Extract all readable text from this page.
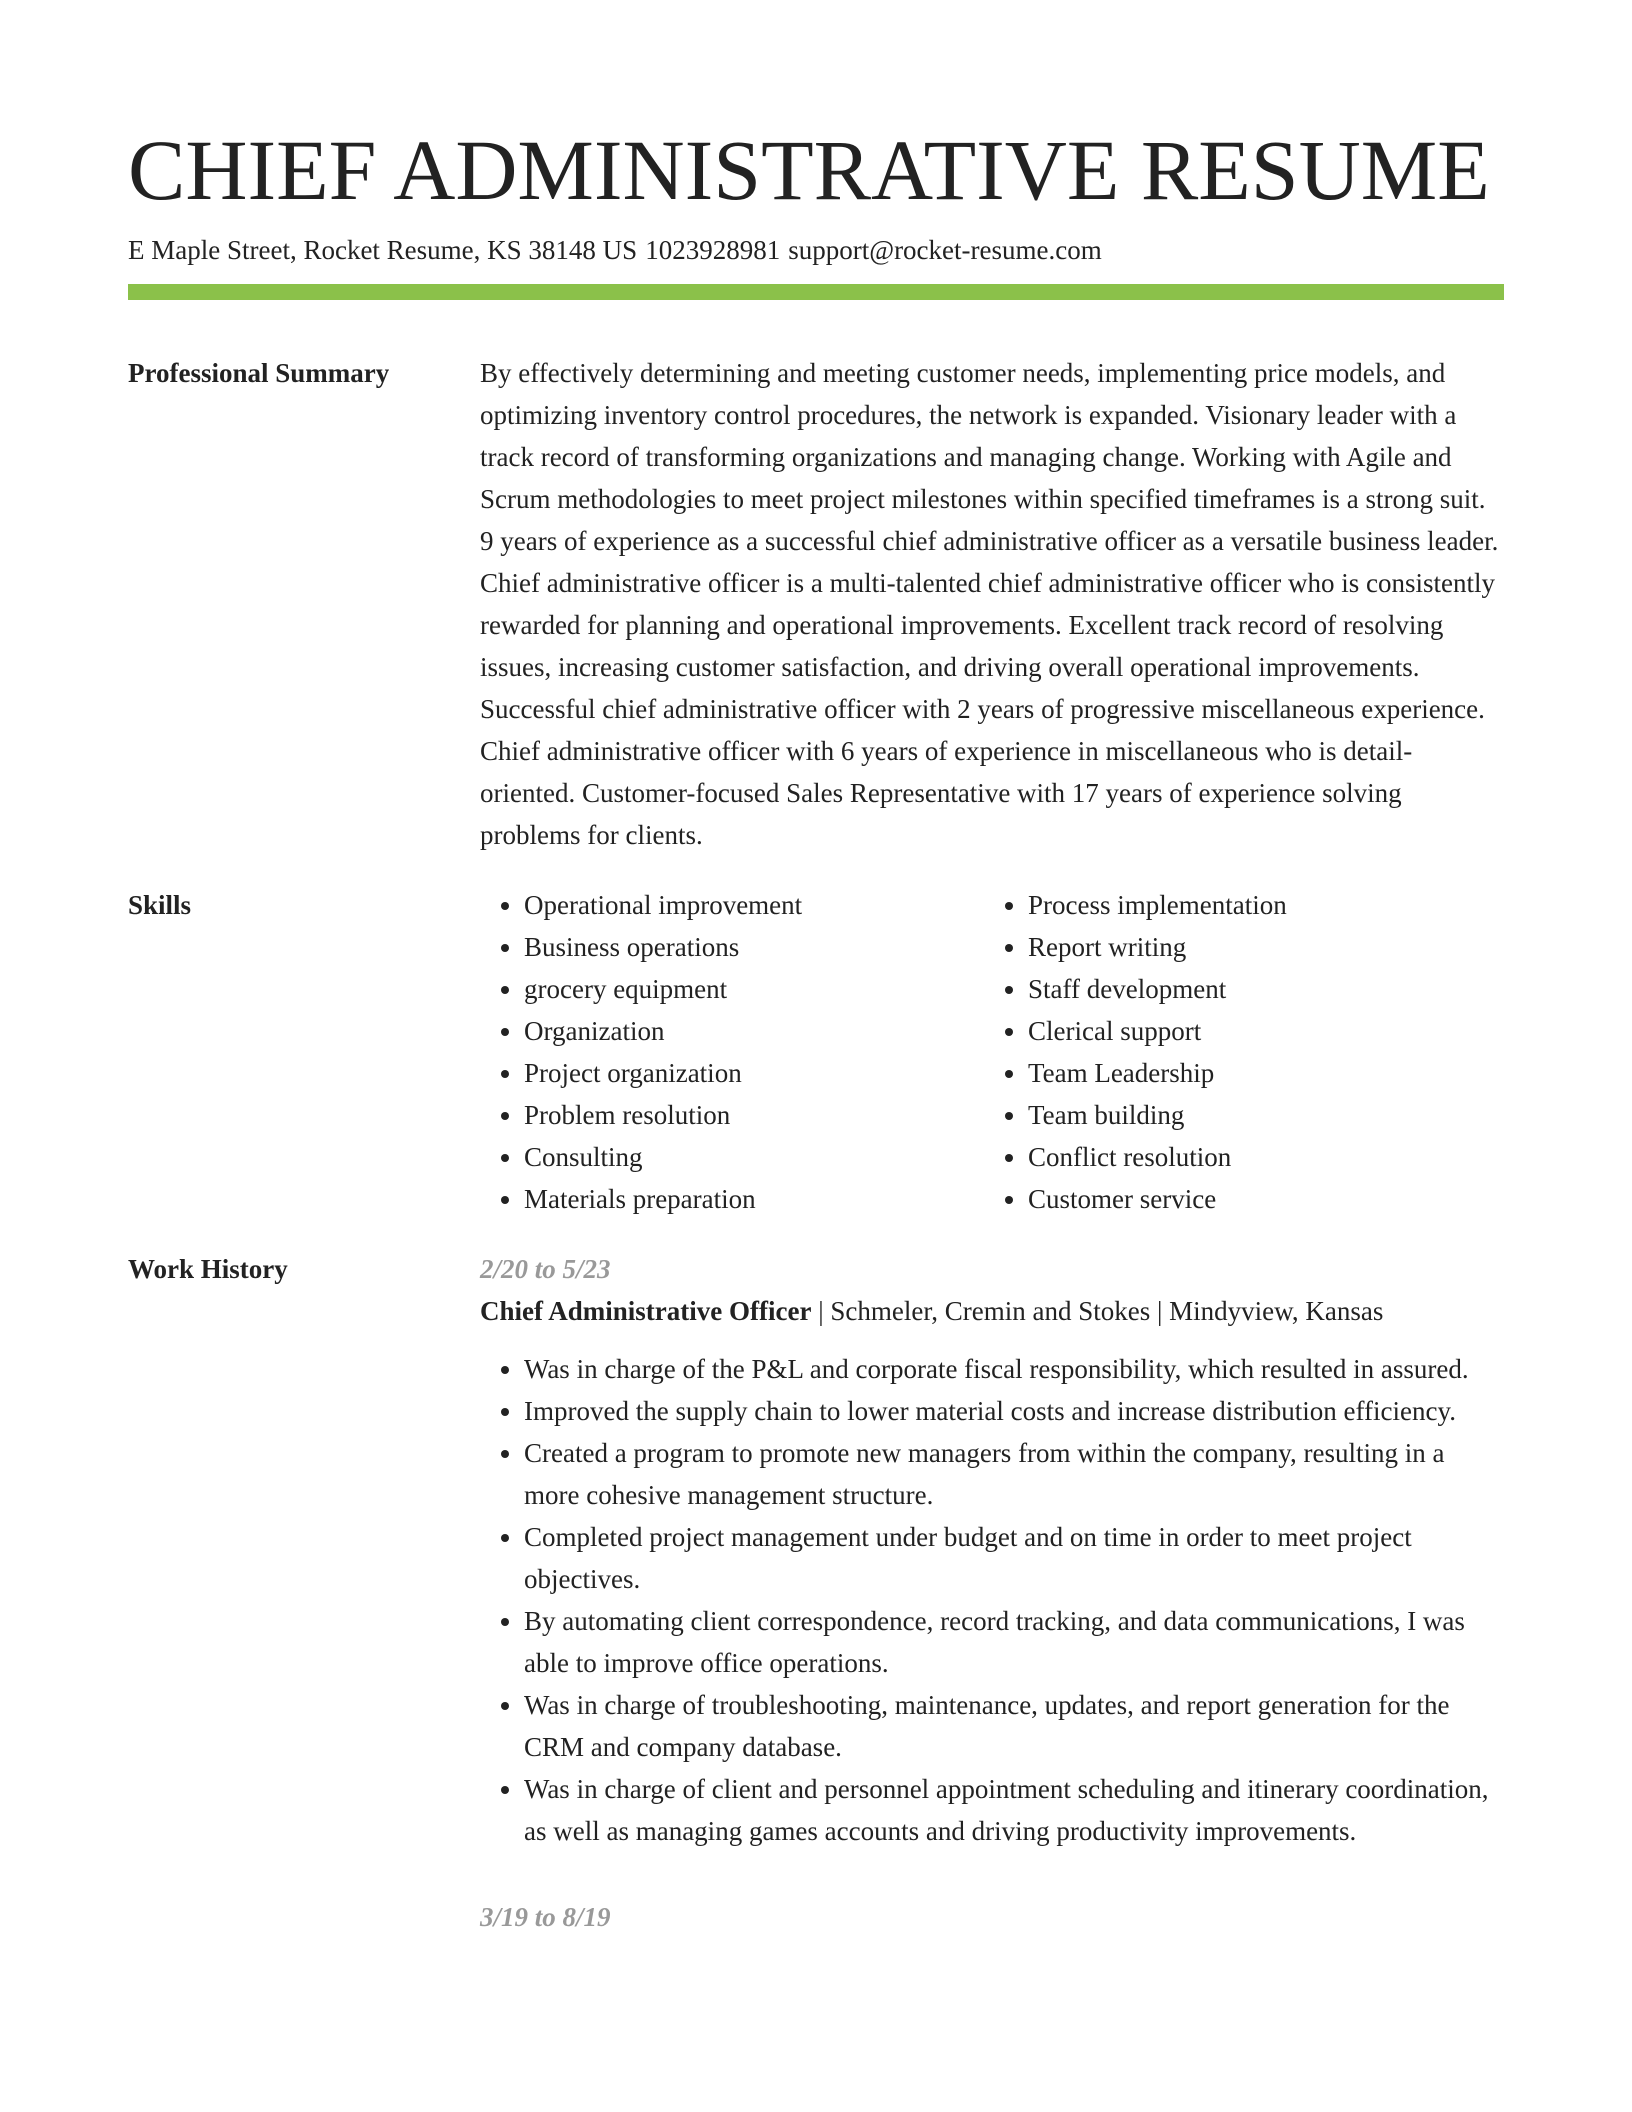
CHIEF ADMINISTRATIVE RESUME
E Maple Street, Rocket Resume, KS 38148 US 1023928981 support@rocket-resume.com
Professional Summary	By effectively determining and meeting customer needs, implementing price models, and optimizing inventory control procedures, the network is expanded. Visionary leader with a track record of transforming organizations and managing change. Working with Agile and Scrum methodologies to meet project milestones within specified timeframes is a strong suit. 9 years of experience as a successful chief administrative officer as a versatile business leader. Chief administrative officer is a multi-talented chief administrative officer who is consistently rewarded for planning and operational improvements. Excellent track record of resolving issues, increasing customer satisfaction, and driving overall operational improvements. Successful chief administrative officer with 2 years of progressive miscellaneous experience. Chief administrative officer with 6 years of experience in miscellaneous who is detail-oriented. Customer-focused Sales Representative with 17 years of experience solving problems for clients.

Skills
•	Operational improvement
• Business operations
• grocery equipment
• Organization
• Project organization
• Problem resolution
• Consulting
• Materials preparation
• Process implementation
• Report writing
• Staff development
• Clerical support
• Team Leadership
• Team building
• Conflict resolution
• Customer service
Work History	2/20 to 5/23
Chief Administrative Officer | Schmeler, Cremin and Stokes | Mindyview, Kansas
• Was in charge of the P&L and corporate fiscal responsibility, which resulted in assured.
• Improved the supply chain to lower material costs and increase distribution efficiency.
• Created a program to promote new managers from within the company, resulting in a more cohesive management structure.
• Completed project management under budget and on time in order to meet project objectives.
• By automating client correspondence, record tracking, and data communications, I was able to improve office operations.
• Was in charge of troubleshooting, maintenance, updates, and report generation for the CRM and company database.
• Was in charge of client and personnel appointment scheduling and itinerary coordination, as well as managing games accounts and driving productivity improvements.
3/19 to 8/19
